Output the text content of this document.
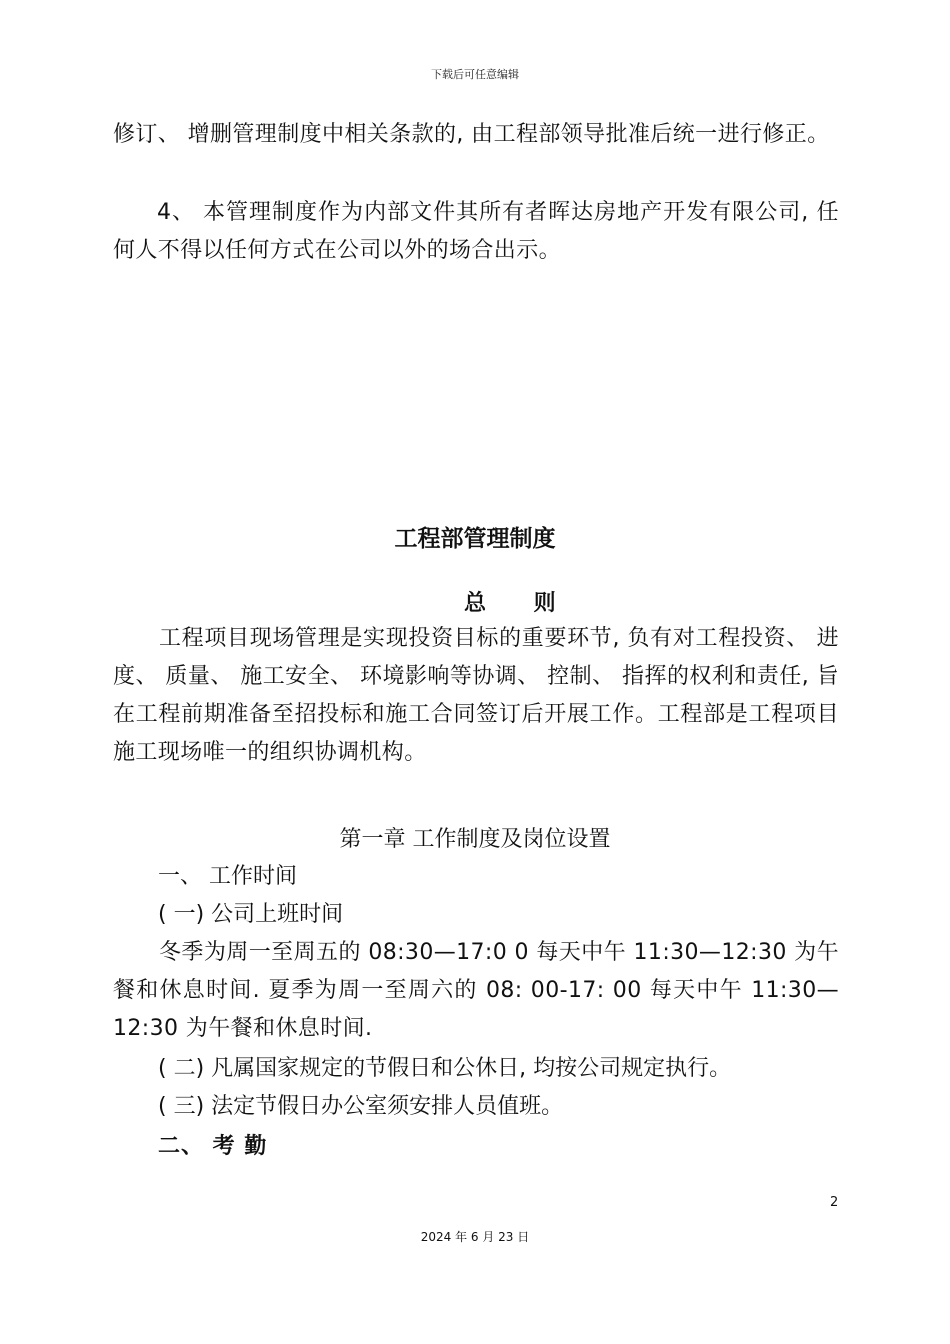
下载后可任意编辑
修订、 增删管理制度中相关条款的, 由工程部领导批准后统一进行修正。
4、 本管理制度作为内部文件其所有者晖达房地产开发有限公司, 任何人不得以任何方式在公司以外的场合出示。
工程部管理制度
总 则
工程项目现场管理是实现投资目标的重要环节, 负有对工程投资、 进度、 质量、 施工安全、 环境影响等协调、 控制、 指挥的权利和责任, 旨在工程前期准备至招投标和施工合同签订后开展工作。工程部是工程项目施工现场唯一的组织协调机构。
第一章 工作制度及岗位设置
一、 工作时间
( 一) 公司上班时间
冬季为周一至周五的 08:30—17:0 0 每天中午 11:30—12:30 为午餐和休息时间. 夏季为周一至周六的 08: 00-17: 00 每天中午 11:30—12:30 为午餐和休息时间.
( 二) 凡属国家规定的节假日和公休日, 均按公司规定执行。
( 三) 法定节假日办公室须安排人员值班。
二、 考 勤
2
2024 年 6 月 23 日
